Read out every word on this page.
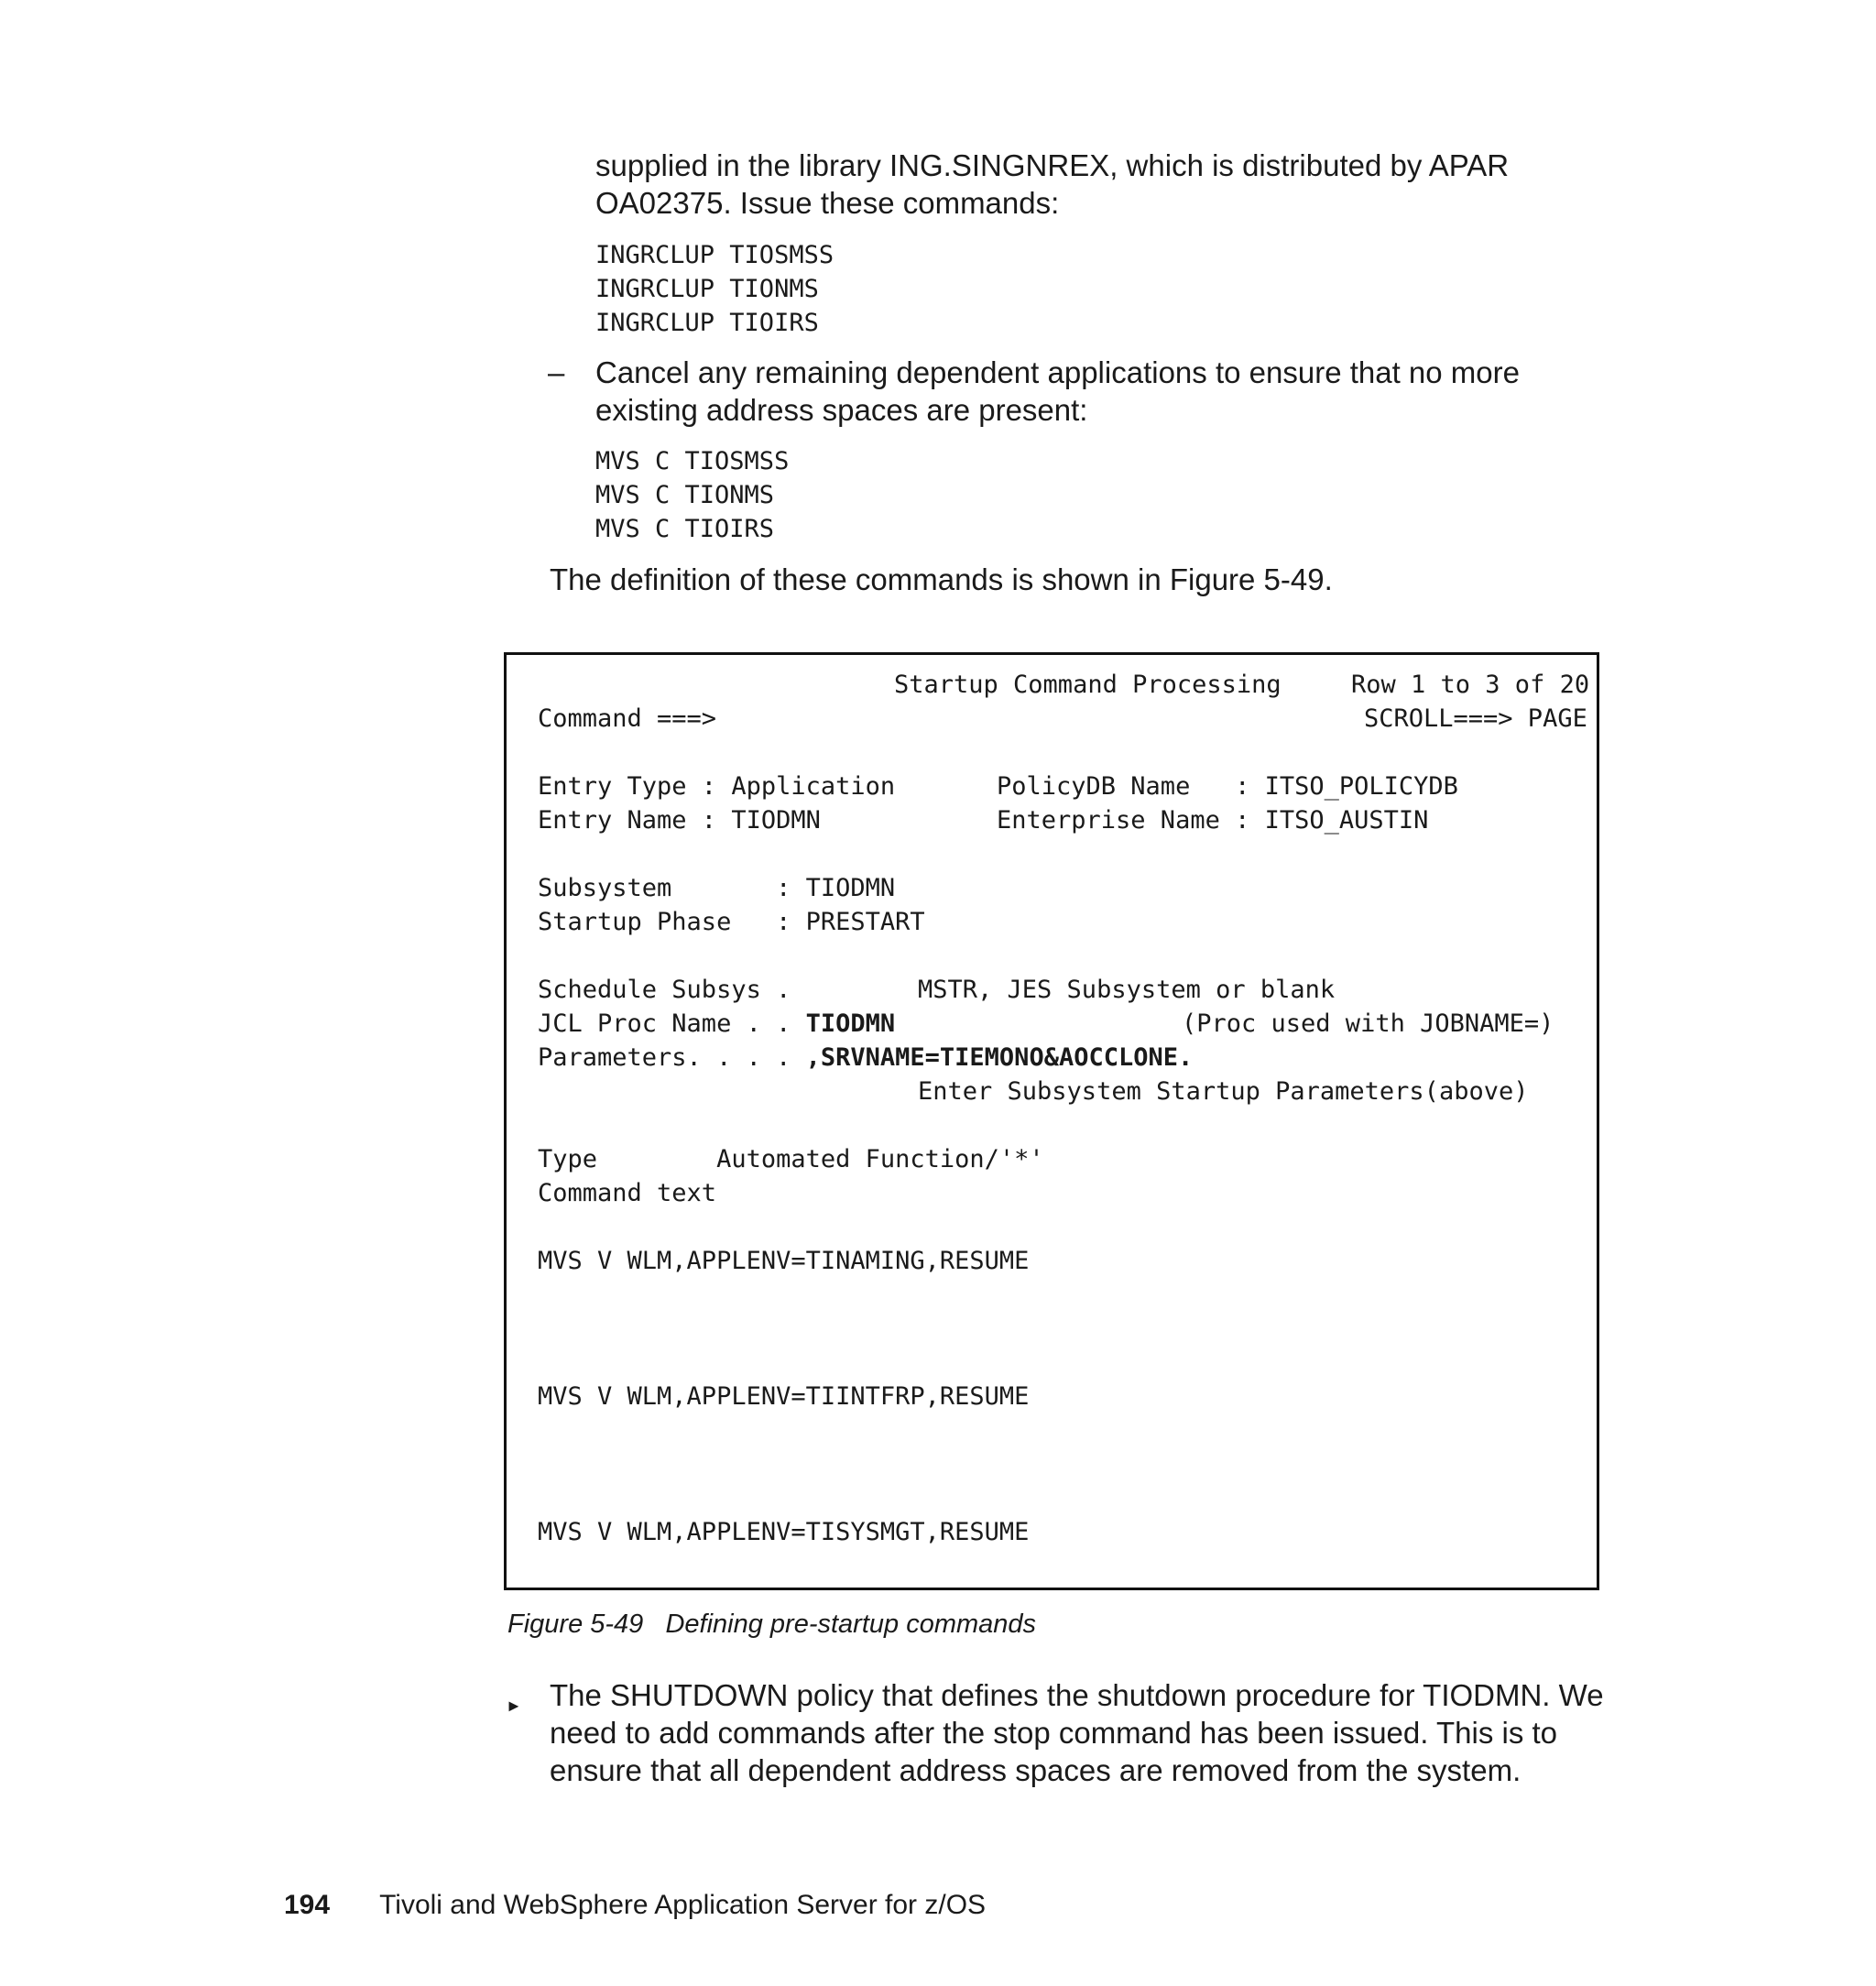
supplied in the library ING.SINGNREX, which is distributed by APAR OA02375. Issue these commands:
INGRCLUP TIOSMSS
INGRCLUP TIONMS
INGRCLUP TIOIRS
– Cancel any remaining dependent applications to ensure that no more existing address spaces are present:
MVS C TIOSMSS
MVS C TIONMS
MVS C TIOIRS
The definition of these commands is shown in Figure 5-49.
Startup Command Processing	Row 1 to 3 of 20
Command ===>	SCROLL===> PAGE
Entry Type : Application	PolicyDB Name   : ITSO_POLICYDB
Entry Name : TIODMN	Enterprise Name : ITSO_AUSTIN
Subsystem       : TIODMN
Startup Phase   : PRESTART
Schedule Subsys .	MSTR, JES Subsystem or blank
JCL Proc Name . . TIODMN	(Proc used with JOBNAME=)
Parameters. . . . ,SRVNAME=TIEMONO&AOCCLONE.
Enter Subsystem Startup Parameters(above)
Type        Automated Function/'*'
Command text
MVS V WLM,APPLENV=TINAMING,RESUME
MVS V WLM,APPLENV=TIINTFRP,RESUME
MVS V WLM,APPLENV=TISYSMGT,RESUME
Figure 5-49   Defining pre-startup commands
► The SHUTDOWN policy that defines the shutdown procedure for TIODMN. We need to add commands after the stop command has been issued. This is to ensure that all dependent address spaces are removed from the system.
194 Tivoli and WebSphere Application Server for z/OS
